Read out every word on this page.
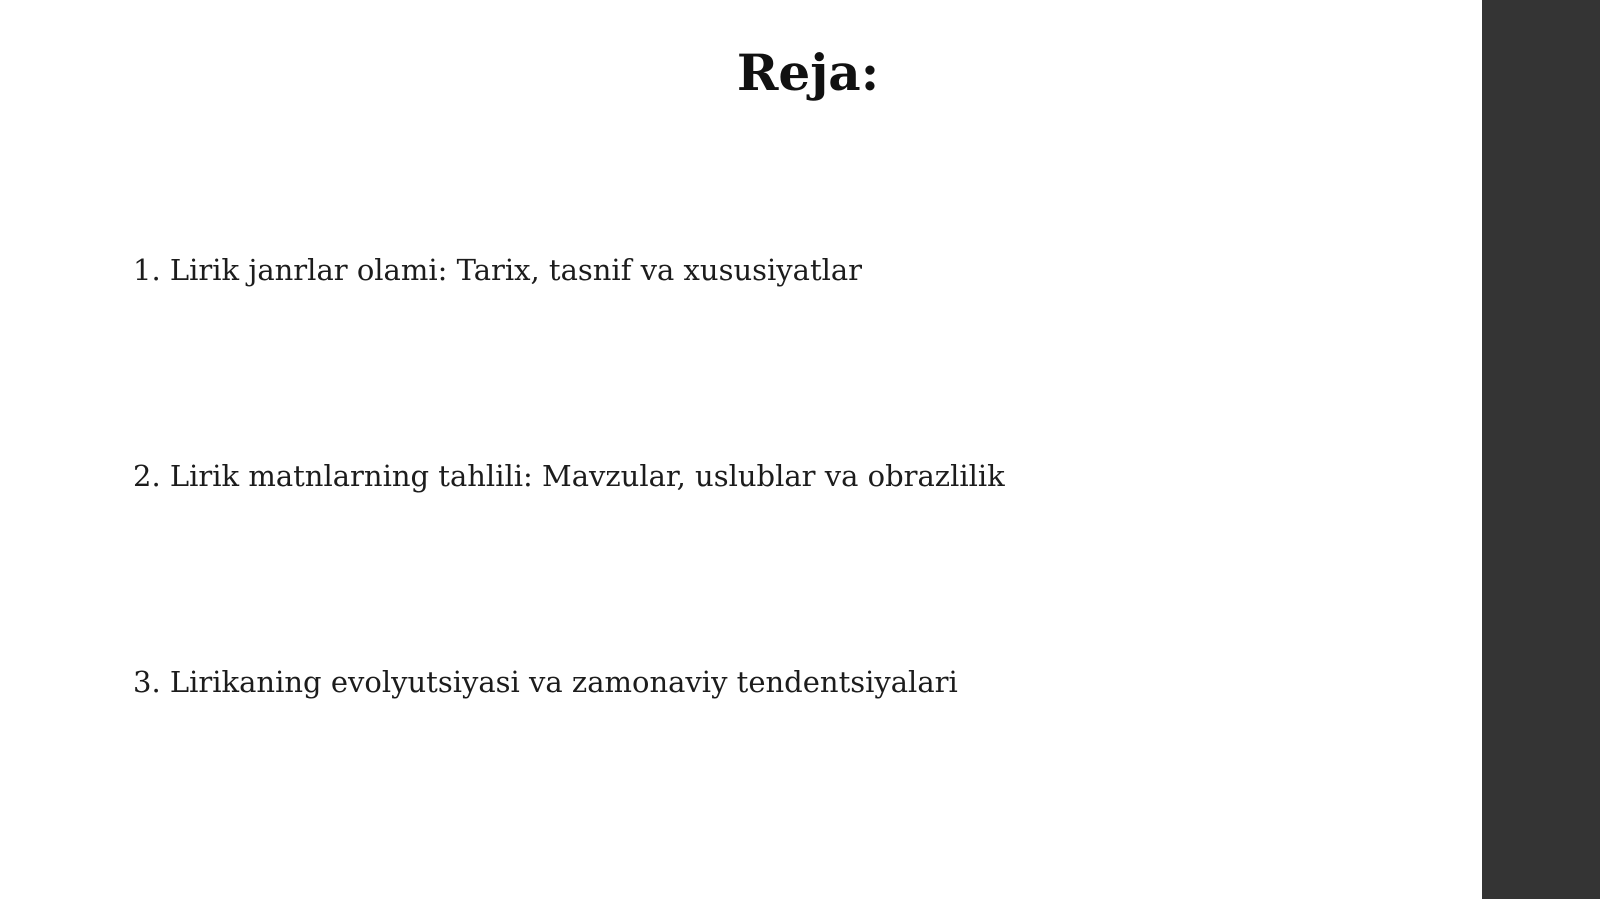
Reja:

1. Lirik janrlar olami: Tarix, tasnif va xususiyatlar

2. Lirik matnlarning tahlili: Mavzular, uslublar va obrazlilik

3. Lirikaning evolyutsiyasi va zamonaviy tendentsiyalari
